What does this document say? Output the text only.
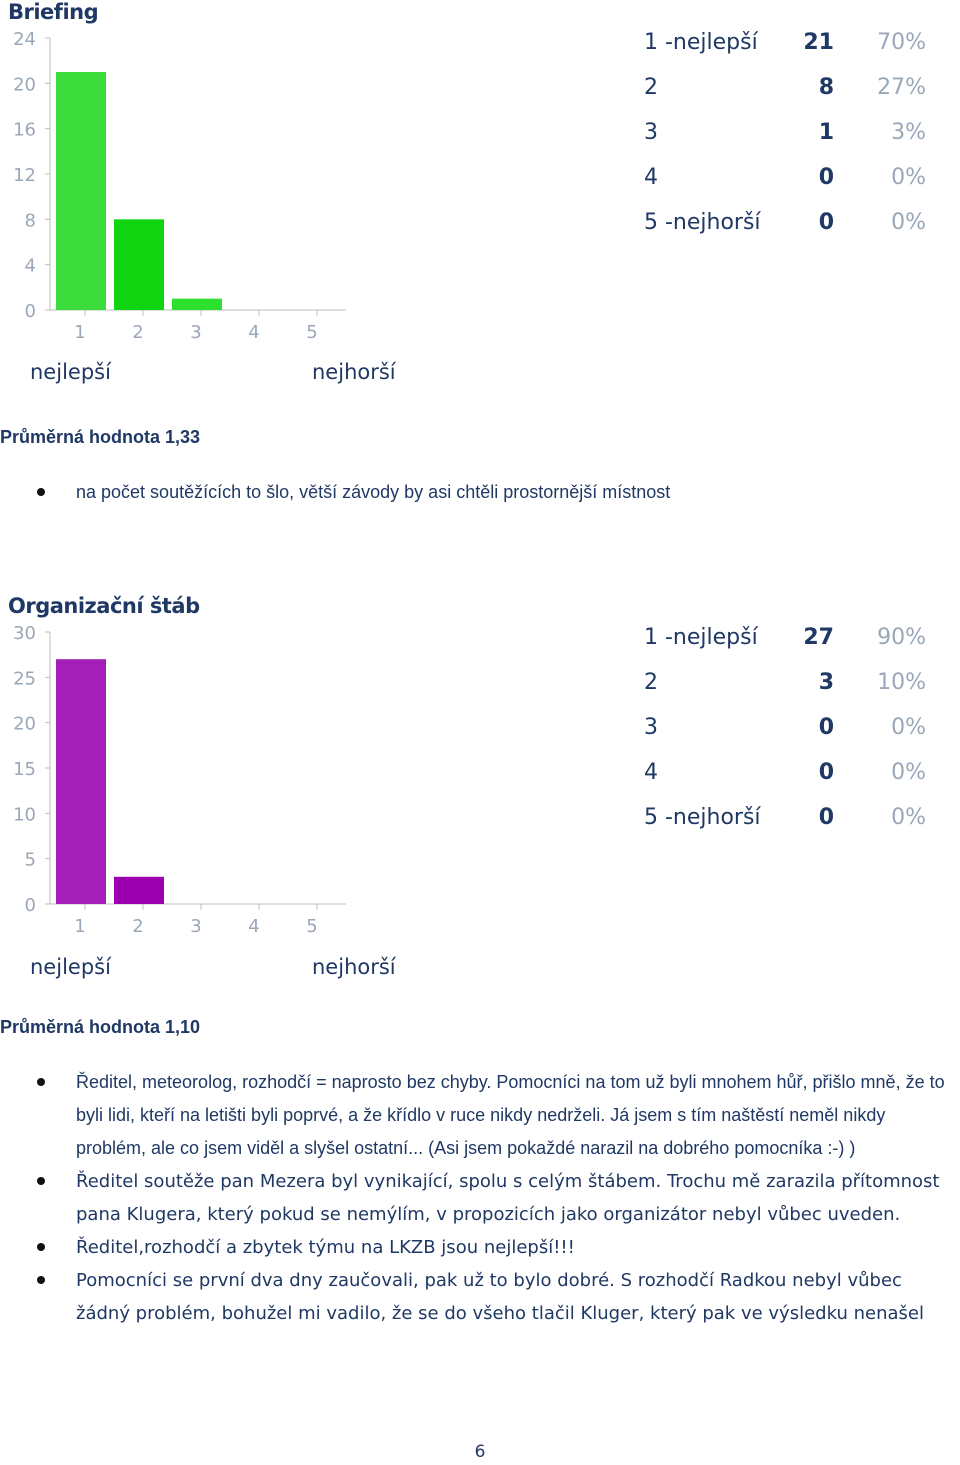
Briefing
0
4
8
12
16
20
24
1	2	3	4	5
nejlepší	nejhorší
1 -nejlepší 21 70%
2	8 27%
3	1	3%
4	0	0%
5 -nejhorší	0	0%
Průměrná hodnota 1,33
na počet soutěžících to šlo, větší závody by asi chtěli prostornější místnost
Organizační štáb
0
5
10
15
20
25
30
1	2	3	4	5
nejlepší	nejhorší
1 -nejlepší 27 90%
2	3 10%
3	0	0%
4	0	0%
5 -nejhorší	0	0%
Průměrná hodnota 1,10
Ředitel, meteorolog, rozhodčí = naprosto bez chyby. Pomocníci na tom už byli mnohem hůř, přišlo mně, že to byli lidi, kteří na letišti byli poprvé, a že křídlo v ruce nikdy nedrželi. Já jsem s tím naštěstí neměl nikdy problém, ale co jsem viděl a slyšel ostatní... (Asi jsem pokaždé narazil na dobrého pomocníka :-) )
Ředitel soutěže pan Mezera byl vynikající, spolu s celým štábem. Trochu mě zarazila přítomnost pana Klugera, který pokud se nemýlím, v propozicích jako organizátor nebyl vůbec uveden.
Ředitel,rozhodčí a zbytek týmu na LKZB jsou nejlepší!!!
Pomocníci se první dva dny zaučovali, pak už to bylo dobré. S rozhodčí Radkou nebyl vůbec žádný problém, bohužel mi vadilo, že se do všeho tlačil Kluger, který pak ve výsledku nenašel
6
